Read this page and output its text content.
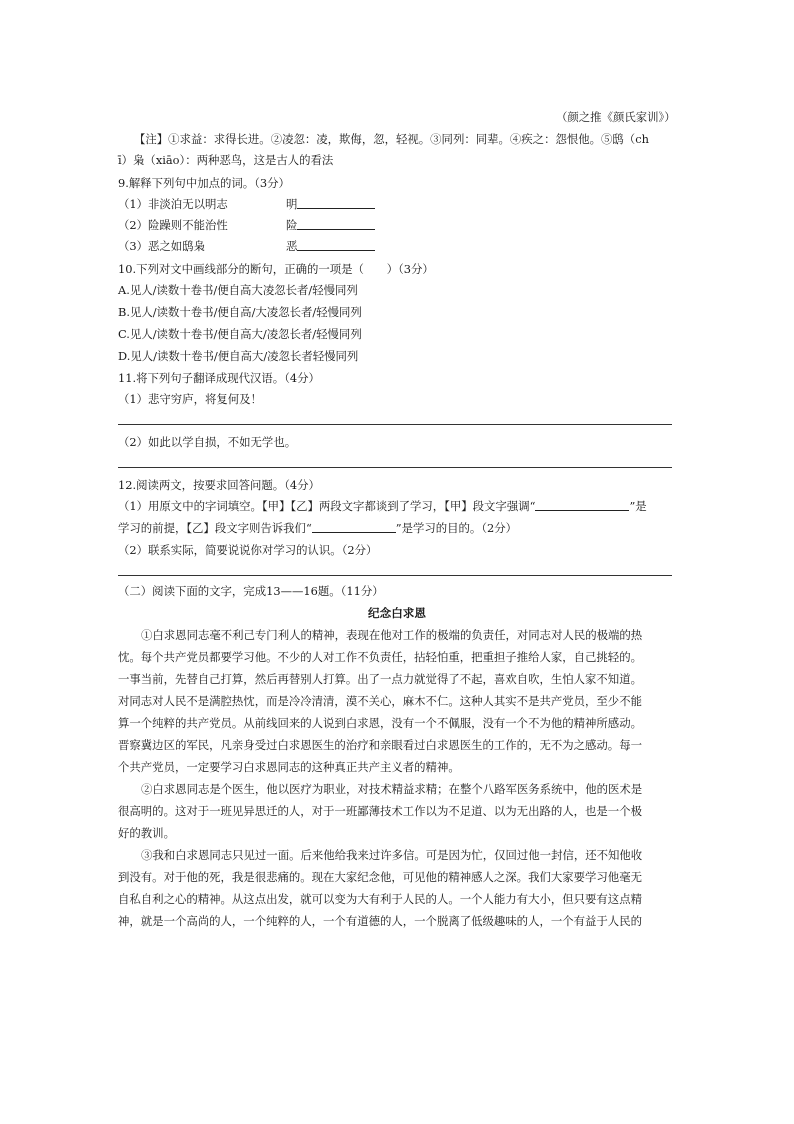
（颜之推《颜氏家训》）
【注】①求益：求得长进。②凌忽：凌，欺侮，忽，轻视。③同列：同辈。④疾之：怨恨他。⑤鸱（ch
ī）枭（xiāo）：两种恶鸟，这是古人的看法
9.解释下列句中加点的词。（3分）
（1）非淡泊无以明志	明
（2）险躁则不能治性	险
（3）恶之如鸱枭	恶
10.下列对文中画线部分的断句，正确的一项是（　　）（3分）
A.见人/读数十卷书/便自高大凌忽长者/轻慢同列
B.见人/读数十卷书/便自高/大凌忽长者/轻慢同列
C.见人/读数十卷书/便自高大/凌忽长者/轻慢同列
D.见人/读数十卷书/便自高大/凌忽长者轻慢同列
11.将下列句子翻译成现代汉语。（4分）
（1）悲守穷庐，将复何及！
（2）如此以学自损，不如无学也。
12.阅读两文，按要求回答问题。（4分）
（1）用原文中的字词填空。【甲】【乙】两段文字都谈到了学习，【甲】段文字强调“	”是
学习的前提，【乙】段文字则告诉我们“	”是学习的目的。（2分）
（2）联系实际，简要说说你对学习的认识。（2分）
（二）阅读下面的文字，完成13——16题。（11分）
纪念白求恩
①白求恩同志毫不利己专门利人的精神，表现在他对工作的极端的负责任，对同志对人民的极端的热
忱。每个共产党员都要学习他。不少的人对工作不负责任，拈轻怕重，把重担子推给人家，自己挑轻的。
一事当前，先替自己打算，然后再替别人打算。出了一点力就觉得了不起，喜欢自吹，生怕人家不知道。
对同志对人民不是满腔热忱，而是冷冷清清，漠不关心，麻木不仁。这种人其实不是共产党员，至少不能
算一个纯粹的共产党员。从前线回来的人说到白求恩，没有一个不佩服，没有一个不为他的精神所感动。
晋察冀边区的军民，凡亲身受过白求恩医生的治疗和亲眼看过白求恩医生的工作的，无不为之感动。每一
个共产党员，一定要学习白求恩同志的这种真正共产主义者的精神。
②白求恩同志是个医生，他以医疗为职业，对技术精益求精；在整个八路军医务系统中，他的医术是
很高明的。这对于一班见异思迁的人，对于一班鄙薄技术工作以为不足道、以为无出路的人，也是一个极
好的教训。
③我和白求恩同志只见过一面。后来他给我来过许多信。可是因为忙，仅回过他一封信，还不知他收
到没有。对于他的死，我是很悲痛的。现在大家纪念他，可见他的精神感人之深。我们大家要学习他毫无
自私自利之心的精神。从这点出发，就可以变为大有利于人民的人。一个人能力有大小，但只要有这点精
神，就是一个高尚的人，一个纯粹的人，一个有道德的人，一个脱离了低级趣味的人，一个有益于人民的
